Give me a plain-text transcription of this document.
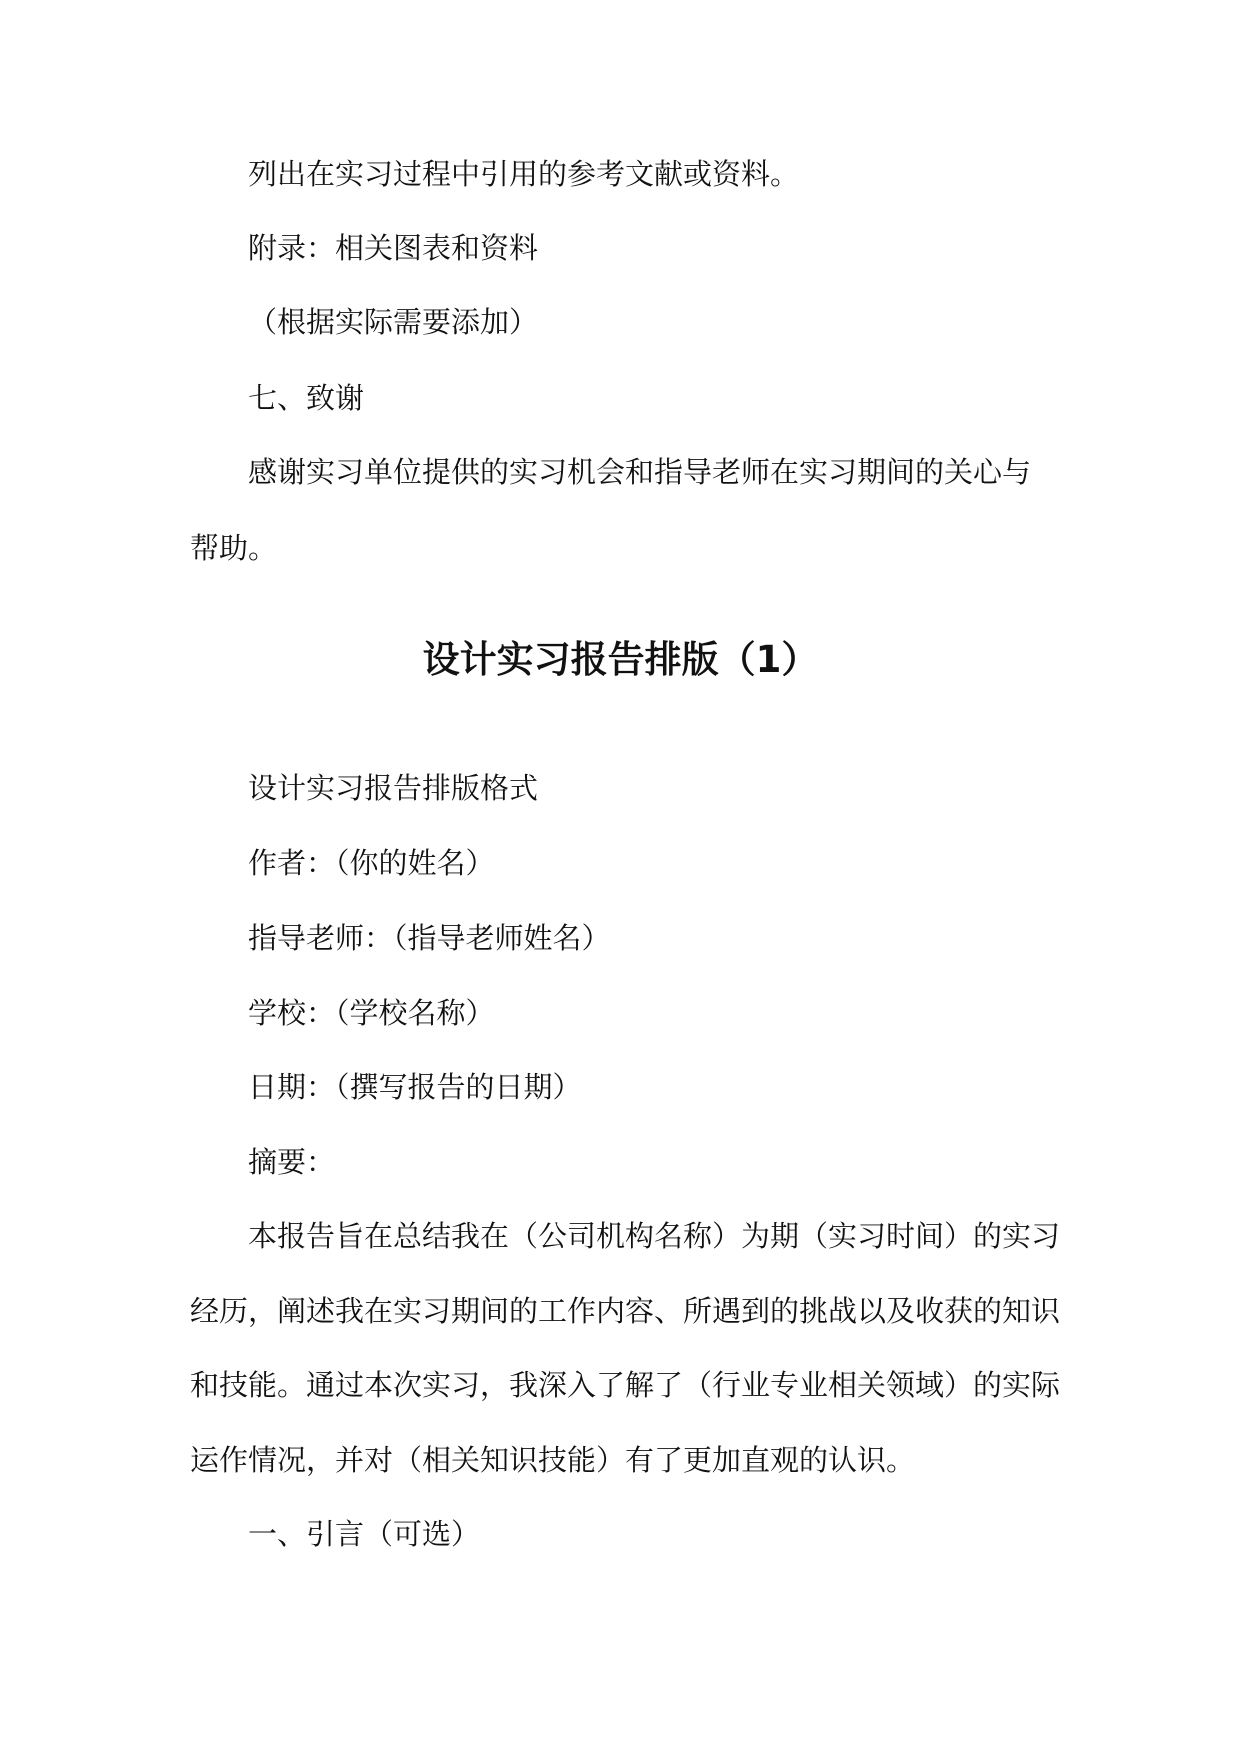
列出在实习过程中引用的参考文献或资料。

附录：相关图表和资料

（根据实际需要添加）

七、致谢

感谢实习单位提供的实习机会和指导老师在实习期间的关心与

帮助。

设计实习报告排版（1）

设计实习报告排版格式

作者：（你的姓名）

指导老师：（指导老师姓名）

学校：（学校名称）

日期：（撰写报告的日期）

摘要：

本报告旨在总结我在（公司机构名称）为期（实习时间）的实习

经历，阐述我在实习期间的工作内容、所遇到的挑战以及收获的知识

和技能。通过本次实习，我深入了解了（行业专业相关领域）的实际

运作情况，并对（相关知识技能）有了更加直观的认识。

一、引言（可选）
